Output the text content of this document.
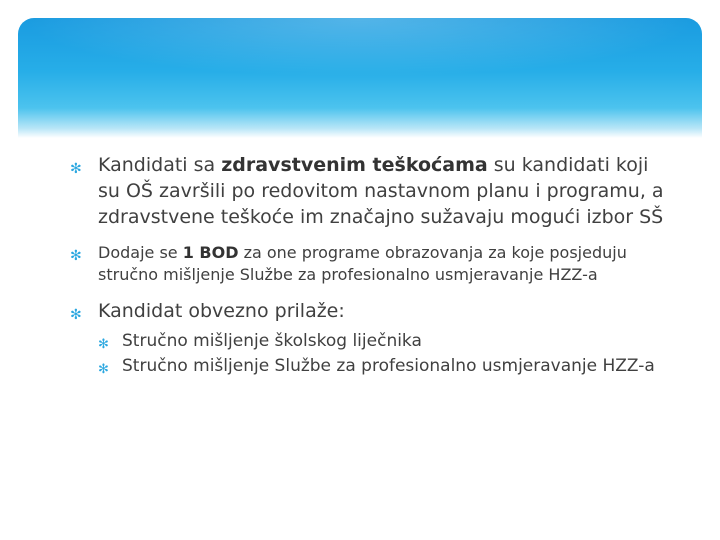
✻ Kandidati sa zdravstvenim teškoćama su kandidati koji su OŠ završili po redovitom nastavnom planu i programu, a zdravstvene teškoće im značajno sužavaju mogući izbor SŠ
✻ Dodaje se 1 BOD za one programe obrazovanja za koje posjeduju stručno mišljenje Službe za profesionalno usmjeravanje HZZ-a
✻ Kandidat obvezno prilaže:
✻ Stručno mišljenje školskog liječnika
✻ Stručno mišljenje Službe za profesionalno usmjeravanje HZZ-a
